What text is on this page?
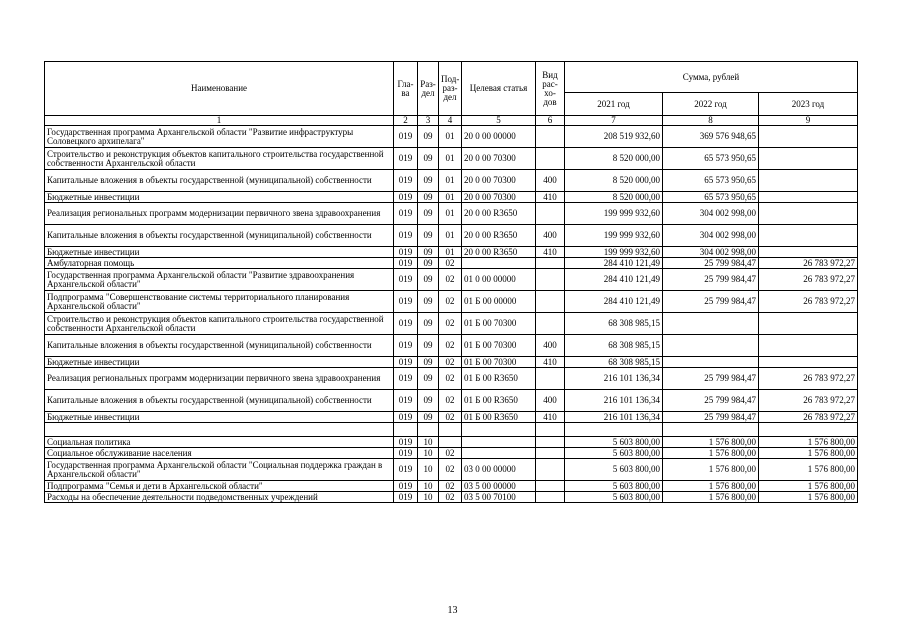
Наименование	Гла-ва	Раз-дел	Под-раз-дел	Целевая статья	Вид рас-хо-дов	Сумма, рублей		
						2021 год	2022 год	2023 год
1	2	3	4	5	6	7	8	9
Государственная программа Архангельской области "Развитие инфраструктуры Соловецкого архипелага"	019	09	01	20 0 00 00000		208 519 932,60	369 576 948,65	
Строительство и реконструкция объектов капитального строительства государственной собственности Архангельской области	019	09	01	20 0 00 70300		8 520 000,00	65 573 950,65	
Капитальные вложения в объекты государственной (муниципальной) собственности	019	09	01	20 0 00 70300	400	8 520 000,00	65 573 950,65	
Бюджетные инвестиции	019	09	01	20 0 00 70300	410	8 520 000,00	65 573 950,65	
Реализация региональных программ модернизации первичного звена здравоохранения	019	09	01	20 0 00 R3650		199 999 932,60	304 002 998,00	
Капитальные вложения в объекты государственной (муниципальной) собственности	019	09	01	20 0 00 R3650	400	199 999 932,60	304 002 998,00	
Бюджетные инвестиции	019	09	01	20 0 00 R3650	410	199 999 932,60	304 002 998,00	
Амбулаторная помощь	019	09	02			284 410 121,49	25 799 984,47	26 783 972,27
Государственная программа Архангельской области "Развитие здравоохранения Архангельской области"	019	09	02	01 0 00 00000		284 410 121,49	25 799 984,47	26 783 972,27
Подпрограмма "Совершенствование системы территориального планирования Архангельской области"	019	09	02	01 Б 00 00000		284 410 121,49	25 799 984,47	26 783 972,27
Строительство и реконструкция объектов капитального строительства государственной собственности Архангельской области	019	09	02	01 Б 00 70300		68 308 985,15		
Капитальные вложения в объекты государственной (муниципальной) собственности	019	09	02	01 Б 00 70300	400	68 308 985,15		
Бюджетные инвестиции	019	09	02	01 Б 00 70300	410	68 308 985,15		
Реализация региональных программ модернизации первичного звена здравоохранения	019	09	02	01 Б 00 R3650		216 101 136,34	25 799 984,47	26 783 972,27
Капитальные вложения в объекты государственной (муниципальной) собственности	019	09	02	01 Б 00 R3650	400	216 101 136,34	25 799 984,47	26 783 972,27
Бюджетные инвестиции	019	09	02	01 Б 00 R3650	410	216 101 136,34	25 799 984,47	26 783 972,27

Социальная политика	019	10				5 603 800,00	1 576 800,00	1 576 800,00
Социальное обслуживание населения	019	10	02			5 603 800,00	1 576 800,00	1 576 800,00
Государственная программа Архангельской области "Социальная поддержка граждан в Архангельской области"	019	10	02	03 0 00 00000		5 603 800,00	1 576 800,00	1 576 800,00
Подпрограмма "Семья и дети в Архангельской области"	019	10	02	03 5 00 00000		5 603 800,00	1 576 800,00	1 576 800,00
Расходы на обеспечение деятельности подведомственных учреждений	019	10	02	03 5 00 70100		5 603 800,00	1 576 800,00	1 576 800,00
13
